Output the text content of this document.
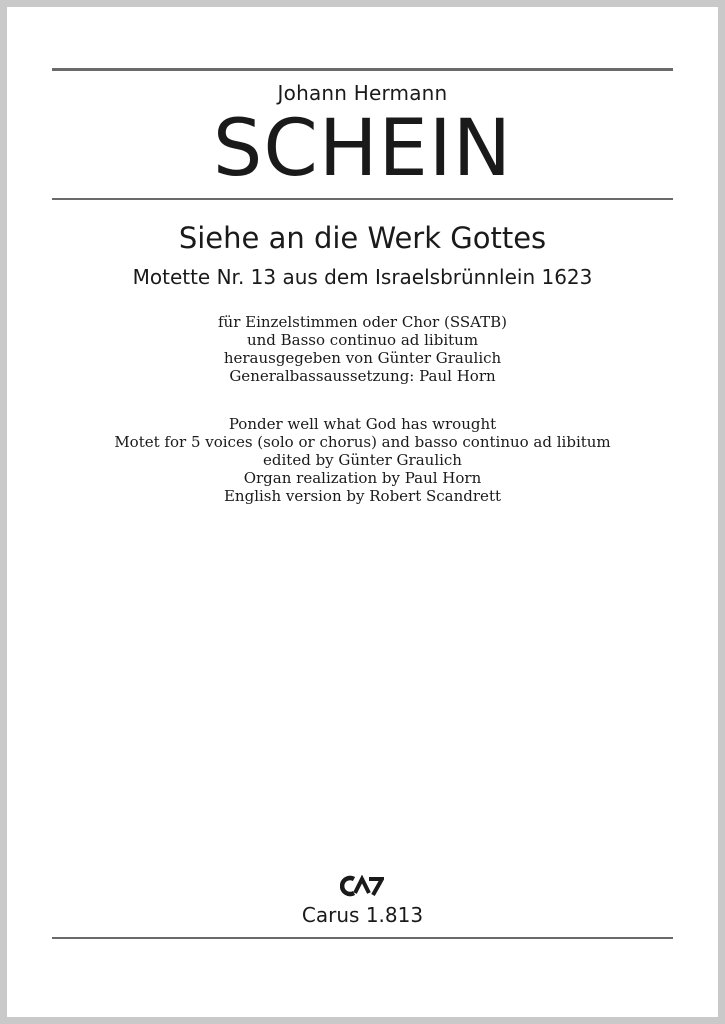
Johann Hermann
SCHEIN
Siehe an die Werk Gottes
Motette Nr. 13 aus dem Israelsbrünnlein 1623
für Einzelstimmen oder Chor (SSATB)
und Basso continuo ad libitum
herausgegeben von Günter Graulich
Generalbassaussetzung: Paul Horn
Ponder well what God has wrought
Motet for 5 voices (solo or chorus) and basso continuo ad libitum
edited by Günter Graulich
Organ realization by Paul Horn
English version by Robert Scandrett
Carus 1.813
